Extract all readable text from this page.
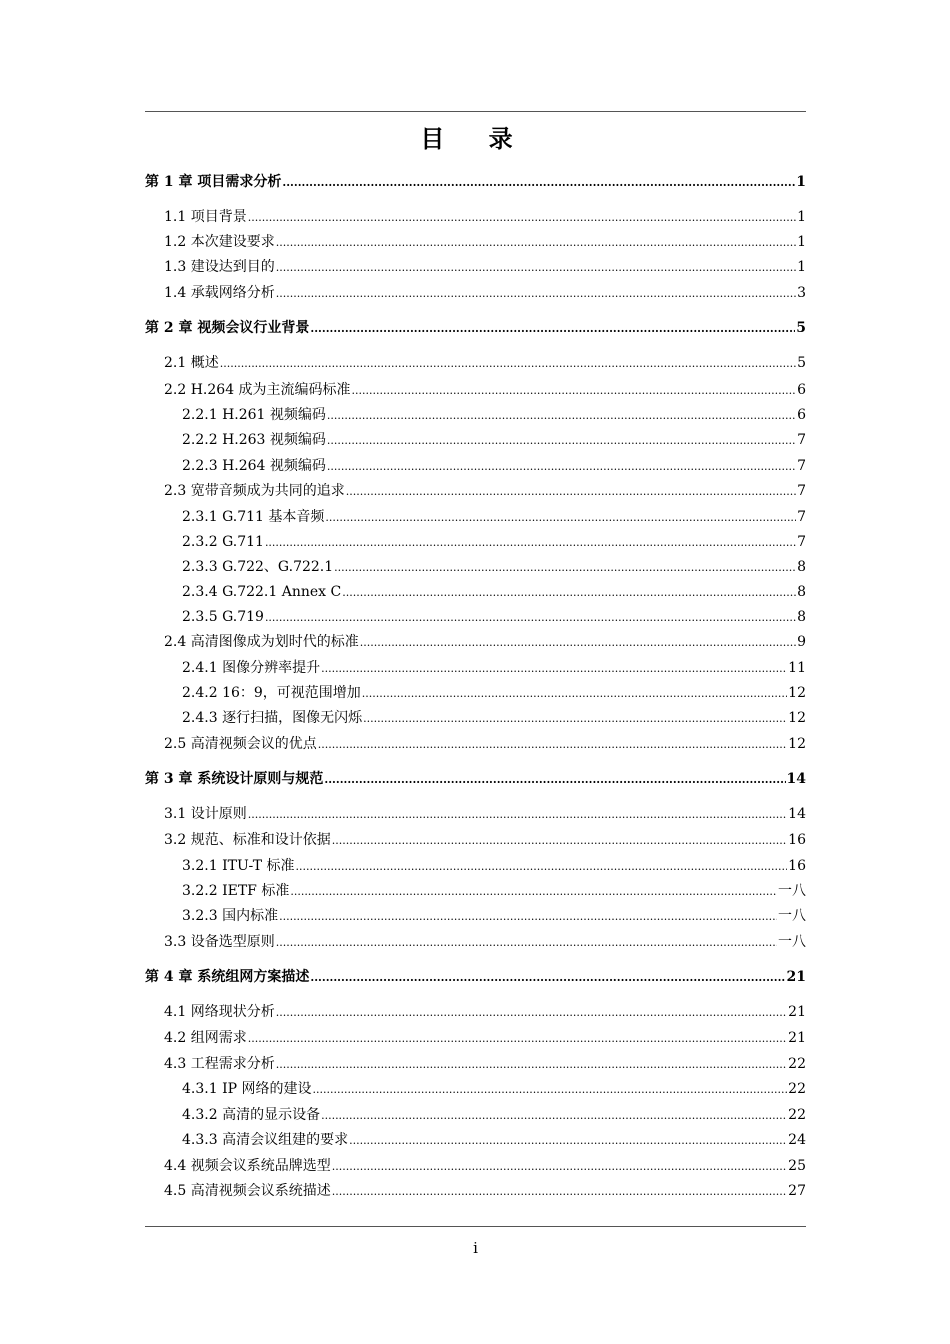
目 录
第 1 章 项目需求分析 .....	1
1.1 项目背景 .....	1
1.2 本次建设要求 .....	1
1.3 建设达到目的 .....	1
1.4 承载网络分析 .....	3
第 2 章 视频会议行业背景 .....	5
2.1 概述 .....	5
2.2 H.264 成为主流编码标准 .....	6
2.2.1 H.261 视频编码 .....	6
2.2.2 H.263 视频编码 .....	7
2.2.3 H.264 视频编码 .....	7
2.3 宽带音频成为共同的追求 .....	7
2.3.1 G.711 基本音频 .....	7
2.3.2 G.711 .....	7
2.3.3 G.722、G.722.1 .....	8
2.3.4 G.722.1 Annex C .....	8
2.3.5 G.719 .....	8
2.4 高清图像成为划时代的标准 .....	9
2.4.1 图像分辨率提升 .....	11
2.4.2 16：9，可视范围增加 .....	12
2.4.3 逐行扫描，图像无闪烁 .....	12
2.5 高清视频会议的优点 .....	12
第 3 章 系统设计原则与规范 .....	14
3.1 设计原则 .....	14
3.2 规范、标准和设计依据 .....	16
3.2.1 ITU-T 标准 .....	16
3.2.2 IETF 标准 .....	一八
3.2.3 国内标准 .....	一八
3.3 设备选型原则 .....	一八
第 4 章 系统组网方案描述 .....	21
4.1 网络现状分析 .....	21
4.2 组网需求 .....	21
4.3 工程需求分析 .....	22
4.3.1 IP 网络的建设 .....	22
4.3.2 高清的显示设备 .....	22
4.3.3 高清会议组建的要求 .....	24
4.4 视频会议系统品牌选型 .....	25
4.5 高清视频会议系统描述 .....	27
i
